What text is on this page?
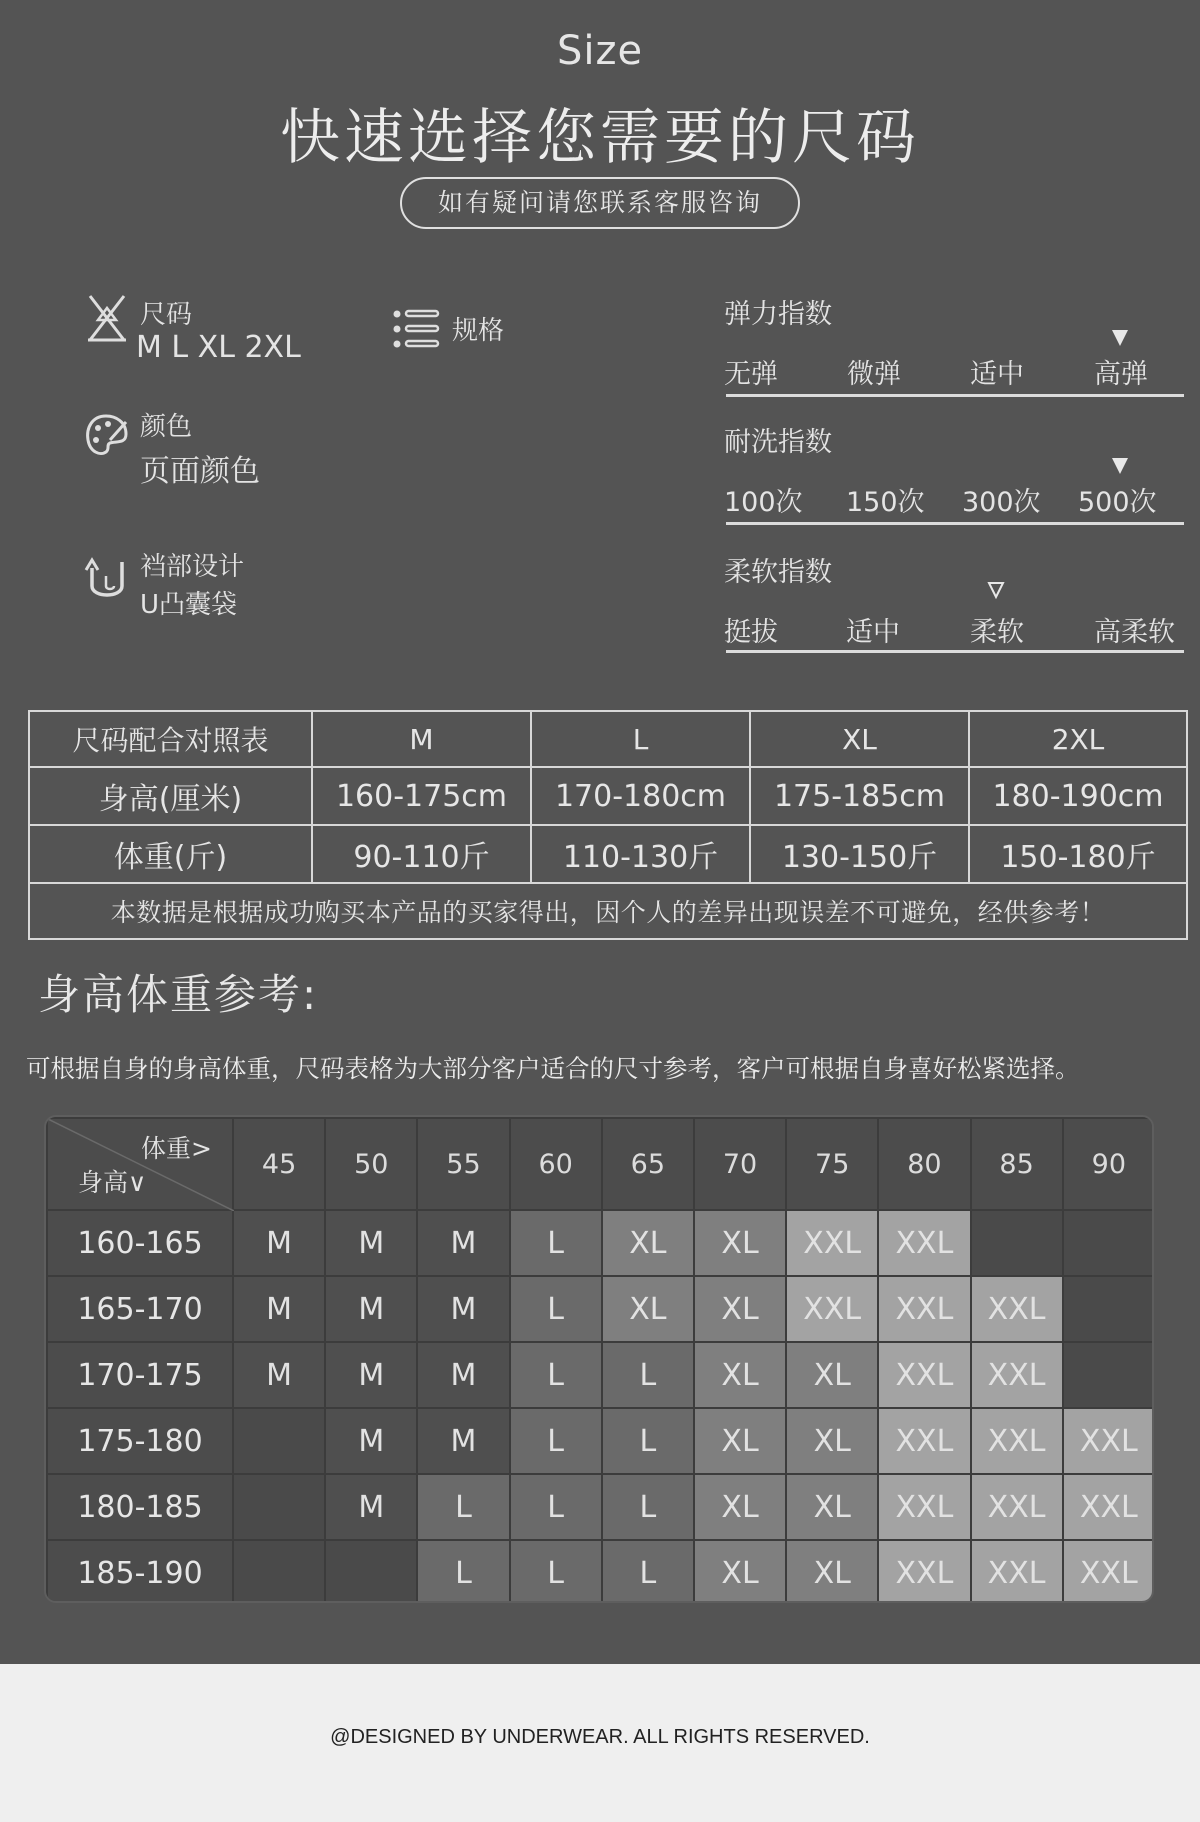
Size
快速选择您需要的尺码
如有疑问请您联系客服咨询
尺码
M L XL 2XL	规格
颜色
页面颜色
裆部设计
U凸囊袋
弹力指数
无弹	微弹	适中	高弹
耐洗指数
100次 150次 300次 500次
柔软指数
挺拔	适中	柔软	高柔软
尺码配合对照表	M	L	XL	2XL
身高(厘米)	160-175cm	170-180cm	175-185cm	180-190cm
体重(斤)	90-110斤	110-130斤	130-150斤	150-180斤
本数据是根据成功购买本产品的买家得出，因个人的差异出现误差不可避免，经供参考！				
身高体重参考:
可根据自身的身高体重，尺码表格为大部分客户适合的尺寸参考，客户可根据自身喜好松紧选择。
体重>
身高∨	45	50	55	60	65	70	75	80	85	90
160-165	M	M	M	L	XL	XL	XXL	XXL		
165-170	M	M	M	L	XL	XL	XXL	XXL	XXL	
170-175	M	M	M	L	L	XL	XL	XXL	XXL	
175-180		M	M	L	L	XL	XL	XXL	XXL	XXL
180-185		M	L	L	L	XL	XL	XXL	XXL	XXL
185-190			L	L	L	XL	XL	XXL	XXL	XXL
@DESIGNED BY UNDERWEAR. ALL RIGHTS RESERVED.
